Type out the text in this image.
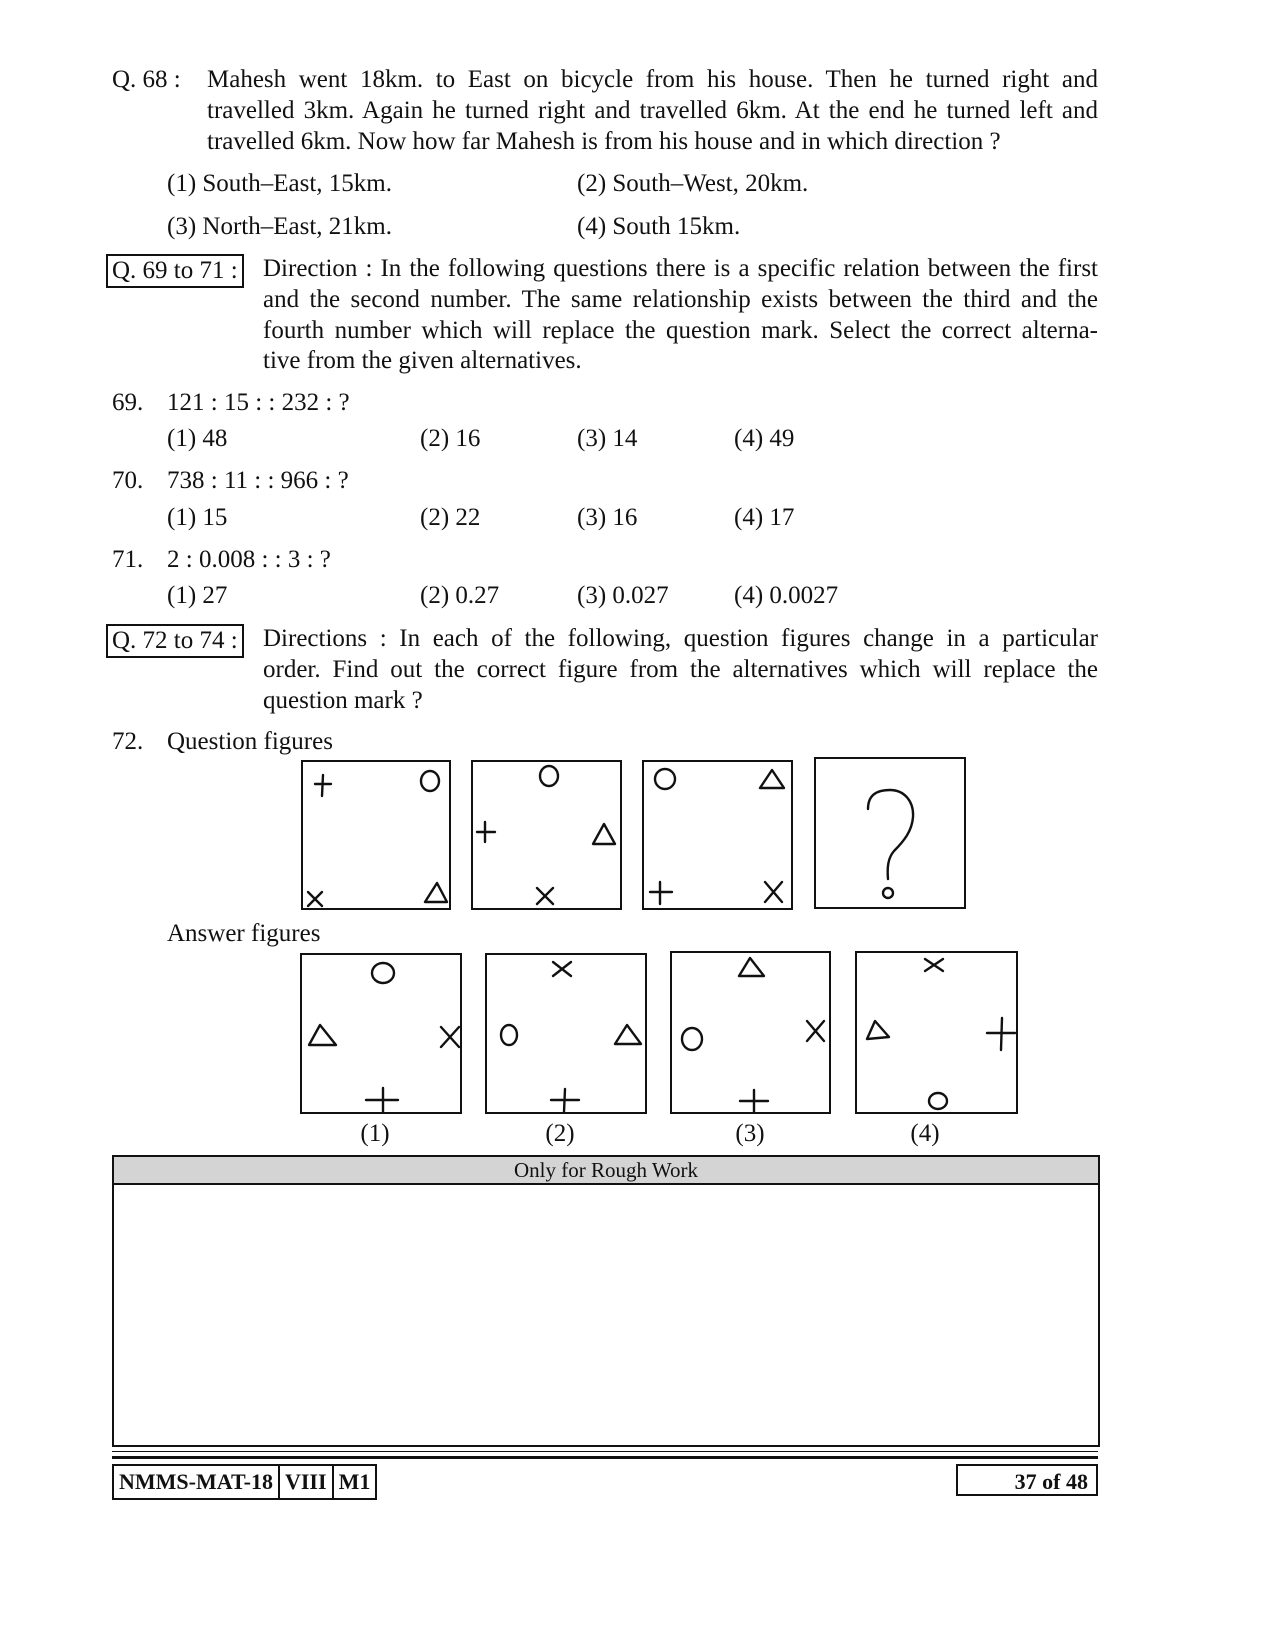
Q. 68 : Mahesh went 18km. to East on bicycle from his house. Then he turned right and
travelled 3km. Again he turned right and travelled 6km. At the end he turned left and
travelled 6km. Now how far Mahesh is from his house and in which direction ?
(1) South–East, 15km.	(2) South–West, 20km.
(3) North–East, 21km.	(4) South 15km.
Q. 69 to 71 : Direction : In the following questions there is a specific relation between the first
and the second number. The same relationship exists between the third and the
fourth number which will replace the question mark. Select the correct alterna-
tive from the given alternatives.
69. 121 : 15 : : 232 : ?
(1) 48	(2) 16	(3) 14	(4) 49
70. 738 : 11 : : 966 : ?
(1) 15	(2) 22	(3) 16	(4) 17
71. 2 : 0.008 : : 3 : ?
(1) 27	(2) 0.27	(3) 0.027	(4) 0.0027
Q. 72 to 74 : Directions : In each of the following, question figures change in a particular
order. Find out the correct figure from the alternatives which will replace the
question mark ?
72. Question figures
Answer figures
(1)	(2)	(3)	(4)
Only for Rough Work
NMMS-MAT-18 VIII M1	37 of 48
